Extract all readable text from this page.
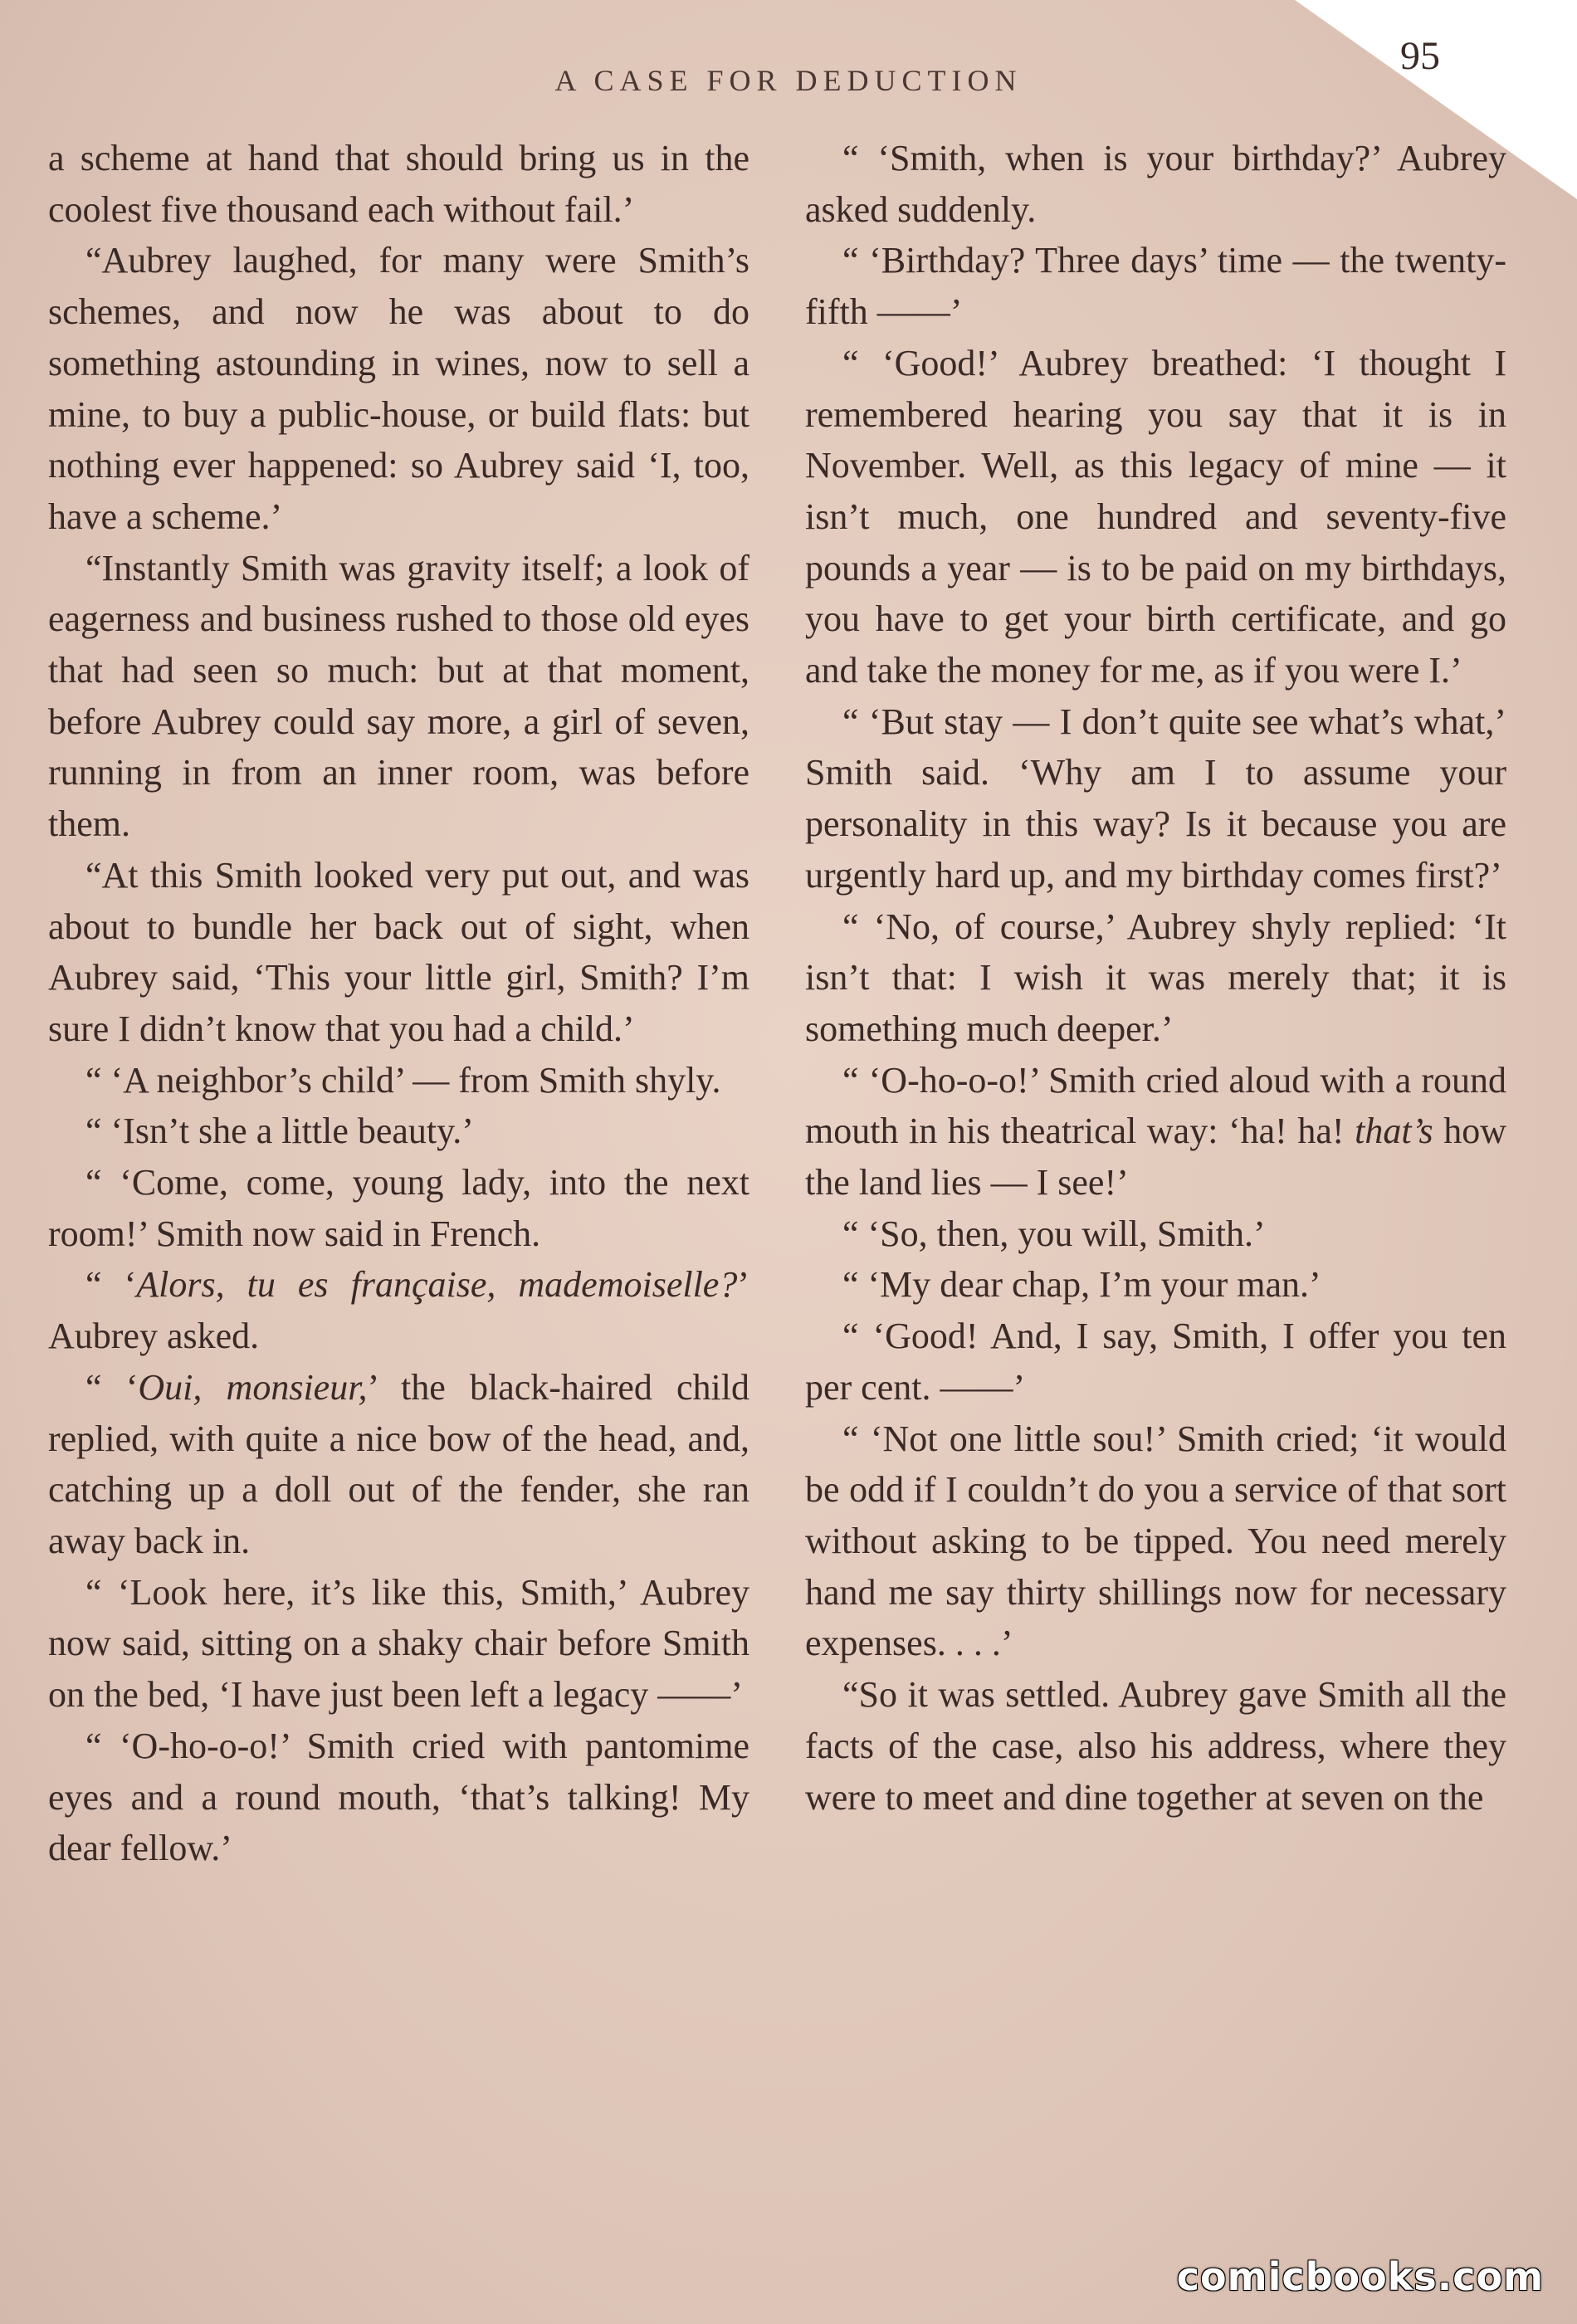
A CASE FOR DEDUCTION
95

a scheme at hand that should bring us in the coolest five thousand each without fail.’

“Aubrey laughed, for many were Smith’s schemes, and now he was about to do something astounding in wines, now to sell a mine, to buy a public-house, or build flats: but nothing ever happened: so Aubrey said ‘I, too, have a scheme.’

“Instantly Smith was gravity itself; a look of eagerness and business rushed to those old eyes that had seen so much: but at that moment, before Aubrey could say more, a girl of seven, running in from an inner room, was before them.

“At this Smith looked very put out, and was about to bundle her back out of sight, when Aubrey said, ‘This your little girl, Smith? I’m sure I didn’t know that you had a child.’

“ ‘A neighbor’s child’ — from Smith shyly.

“ ‘Isn’t she a little beauty.’

“ ‘Come, come, young lady, into the next room!’ Smith now said in French.

“ ‘Alors, tu es française, mademoiselle?’ Aubrey asked.

“ ‘Oui, monsieur,’ the black-haired child replied, with quite a nice bow of the head, and, catching up a doll out of the fender, she ran away back in.

“ ‘Look here, it’s like this, Smith,’ Aubrey now said, sitting on a shaky chair before Smith on the bed, ‘I have just been left a legacy ——’

“ ‘O-ho-o-o!’ Smith cried with pantomime eyes and a round mouth, ‘that’s talking! My dear fellow.’

“ ‘Smith, when is your birthday?’ Aubrey asked suddenly.

“ ‘Birthday? Three days’ time — the twenty-fifth ——’

“ ‘Good!’ Aubrey breathed: ‘I thought I remembered hearing you say that it is in November. Well, as this legacy of mine — it isn’t much, one hundred and seventy-five pounds a year — is to be paid on my birthdays, you have to get your birth certificate, and go and take the money for me, as if you were I.’

“ ‘But stay — I don’t quite see what’s what,’ Smith said. ‘Why am I to assume your personality in this way? Is it because you are urgently hard up, and my birthday comes first?’

“ ‘No, of course,’ Aubrey shyly replied: ‘It isn’t that: I wish it was merely that; it is something much deeper.’

“ ‘O-ho-o-o!’ Smith cried aloud with a round mouth in his theatrical way: ‘ha! ha! that’s how the land lies — I see!’

“ ‘So, then, you will, Smith.’

“ ‘My dear chap, I’m your man.’

“ ‘Good! And, I say, Smith, I offer you ten per cent. ——’

“ ‘Not one little sou!’ Smith cried; ‘it would be odd if I couldn’t do you a service of that sort without asking to be tipped. You need merely hand me say thirty shillings now for necessary expenses. . . .’

“So it was settled. Aubrey gave Smith all the facts of the case, also his address, where they were to meet and dine together at seven on the

comicbooks.com
